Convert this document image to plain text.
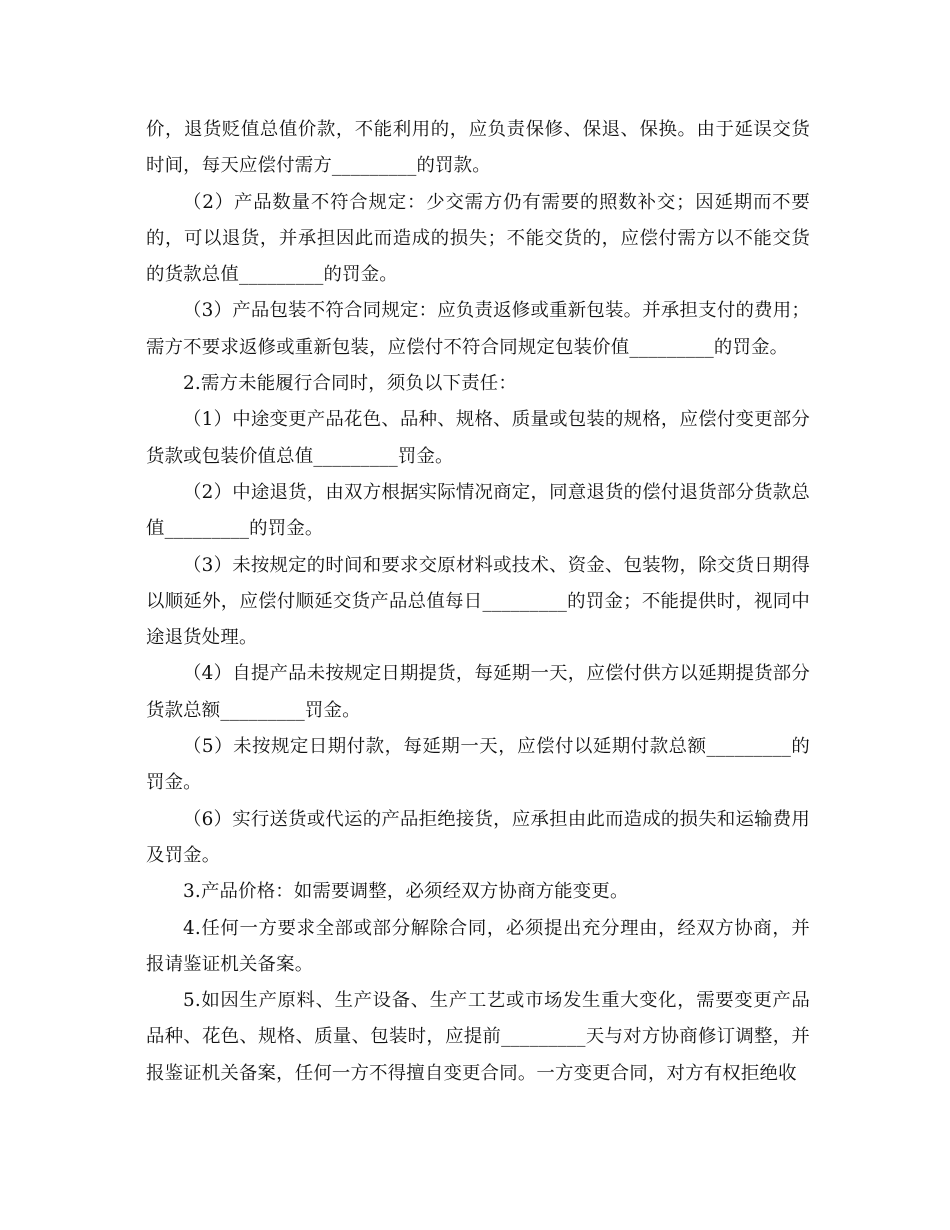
价，退货贬值总值价款，不能利用的，应负责保修、保退、保换。由于延误交货时间，每天应偿付需方_________的罚款。

（2）产品数量不符合规定：少交需方仍有需要的照数补交；因延期而不要的，可以退货，并承担因此而造成的损失；不能交货的，应偿付需方以不能交货的货款总值_________的罚金。

（3）产品包装不符合同规定：应负责返修或重新包装。并承担支付的费用；需方不要求返修或重新包装，应偿付不符合同规定包装价值_________的罚金。

2.需方未能履行合同时，须负以下责任：

（1）中途变更产品花色、品种、规格、质量或包装的规格，应偿付变更部分货款或包装价值总值_________罚金。

（2）中途退货，由双方根据实际情况商定，同意退货的偿付退货部分货款总值_________的罚金。

（3）未按规定的时间和要求交原材料或技术、资金、包装物，除交货日期得以顺延外，应偿付顺延交货产品总值每日_________的罚金；不能提供时，视同中途退货处理。

（4）自提产品未按规定日期提货，每延期一天，应偿付供方以延期提货部分货款总额_________罚金。

（5）未按规定日期付款，每延期一天，应偿付以延期付款总额_________的罚金。

（6）实行送货或代运的产品拒绝接货，应承担由此而造成的损失和运输费用及罚金。

3.产品价格：如需要调整，必须经双方协商方能变更。

4.任何一方要求全部或部分解除合同，必须提出充分理由，经双方协商，并报请鉴证机关备案。

5.如因生产原料、生产设备、生产工艺或市场发生重大变化，需要变更产品品种、花色、规格、质量、包装时，应提前_________天与对方协商修订调整，并报鉴证机关备案，任何一方不得擅自变更合同。一方变更合同，对方有权拒绝收
